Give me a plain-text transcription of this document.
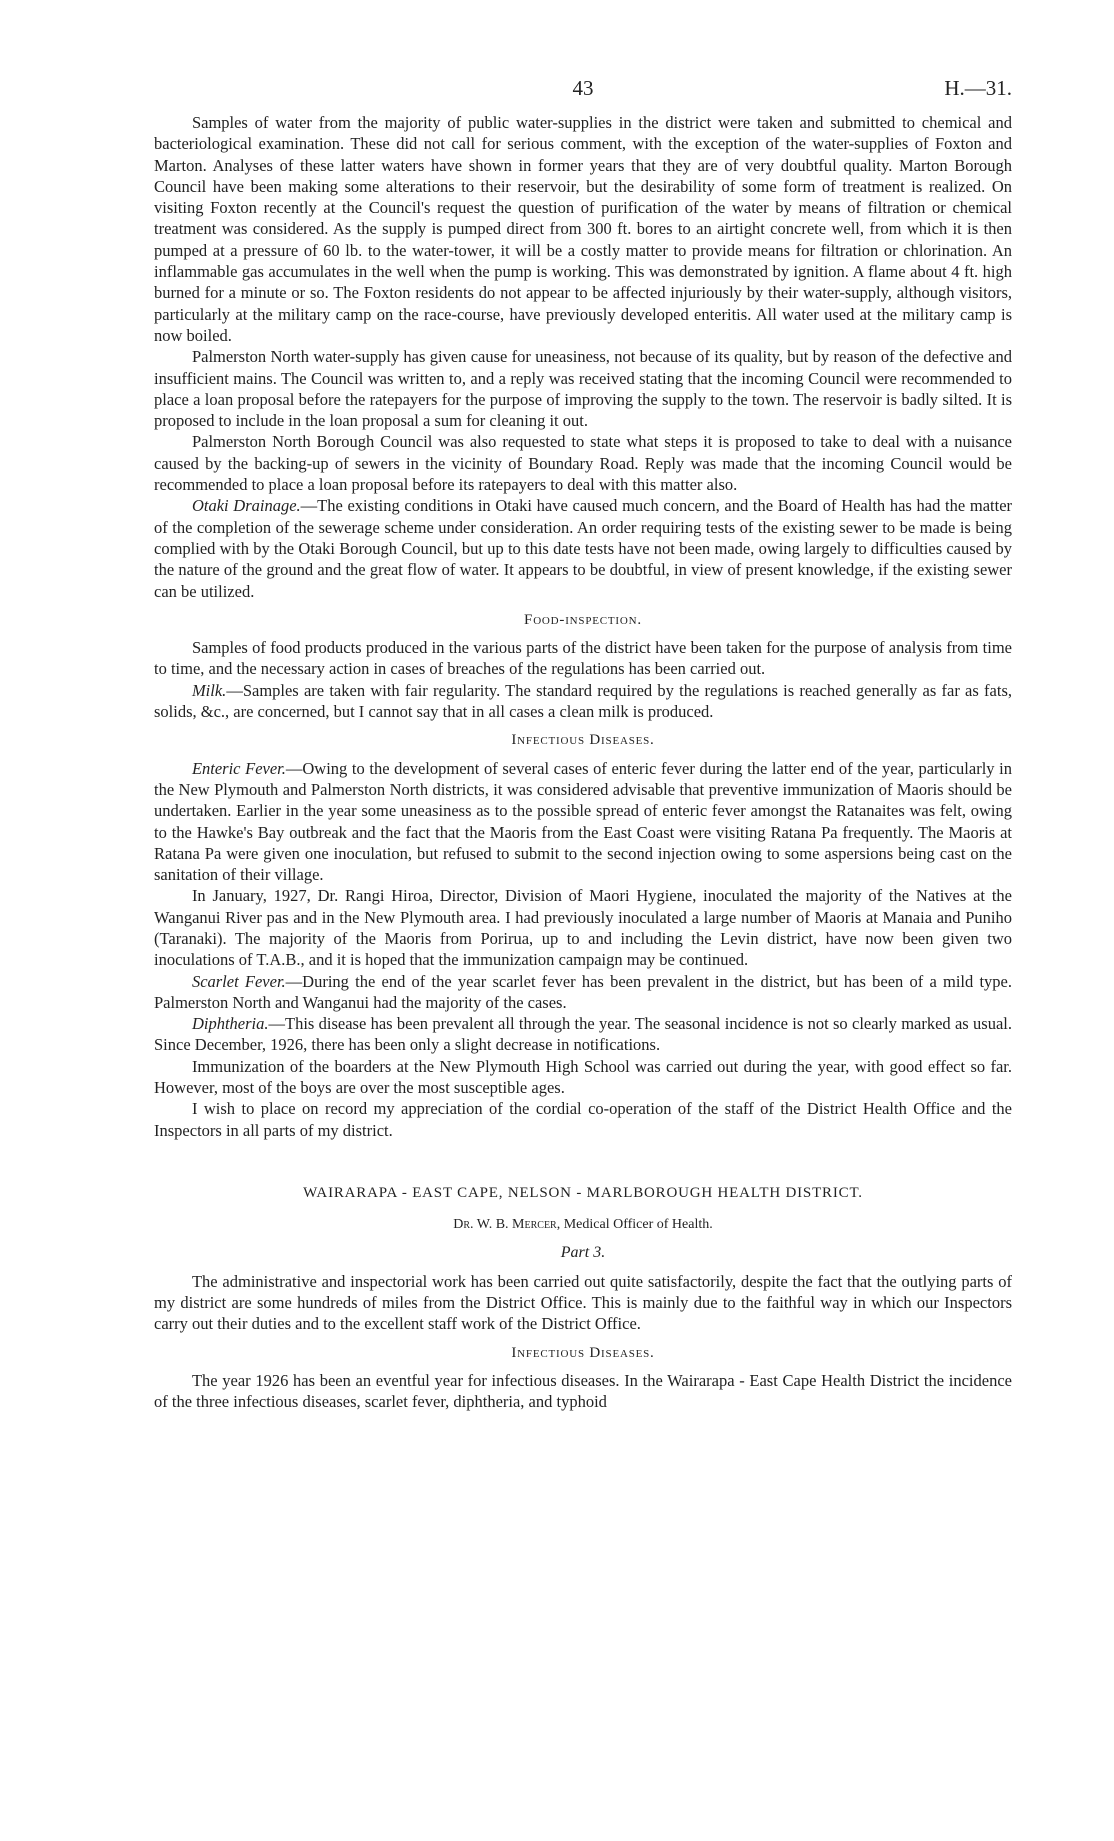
43	H.—31.

Samples of water from the majority of public water-supplies in the district were taken and submitted to chemical and bacteriological examination. These did not call for serious comment, with the exception of the water-supplies of Foxton and Marton. Analyses of these latter waters have shown in former years that they are of very doubtful quality. Marton Borough Council have been making some alterations to their reservoir, but the desirability of some form of treatment is realized. On visiting Foxton recently at the Council's request the question of purification of the water by means of filtration or chemical treatment was considered. As the supply is pumped direct from 300 ft. bores to an airtight concrete well, from which it is then pumped at a pressure of 60 lb. to the water-tower, it will be a costly matter to provide means for filtration or chlorination. An inflammable gas accumulates in the well when the pump is working. This was demonstrated by ignition. A flame about 4 ft. high burned for a minute or so. The Foxton residents do not appear to be affected injuriously by their water-supply, although visitors, particularly at the military camp on the race-course, have previously developed enteritis. All water used at the military camp is now boiled.

Palmerston North water-supply has given cause for uneasiness, not because of its quality, but by reason of the defective and insufficient mains. The Council was written to, and a reply was received stating that the incoming Council were recommended to place a loan proposal before the ratepayers for the purpose of improving the supply to the town. The reservoir is badly silted. It is proposed to include in the loan proposal a sum for cleaning it out.

Palmerston North Borough Council was also requested to state what steps it is proposed to take to deal with a nuisance caused by the backing-up of sewers in the vicinity of Boundary Road. Reply was made that the incoming Council would be recommended to place a loan proposal before its ratepayers to deal with this matter also.

Otaki Drainage.—The existing conditions in Otaki have caused much concern, and the Board of Health has had the matter of the completion of the sewerage scheme under consideration. An order requiring tests of the existing sewer to be made is being complied with by the Otaki Borough Council, but up to this date tests have not been made, owing largely to difficulties caused by the nature of the ground and the great flow of water. It appears to be doubtful, in view of present knowledge, if the existing sewer can be utilized.

Food-inspection.

Samples of food products produced in the various parts of the district have been taken for the purpose of analysis from time to time, and the necessary action in cases of breaches of the regulations has been carried out.

Milk.—Samples are taken with fair regularity. The standard required by the regulations is reached generally as far as fats, solids, &c., are concerned, but I cannot say that in all cases a clean milk is produced.

Infectious Diseases.

Enteric Fever.—Owing to the development of several cases of enteric fever during the latter end of the year, particularly in the New Plymouth and Palmerston North districts, it was considered advisable that preventive immunization of Maoris should be undertaken. Earlier in the year some uneasiness as to the possible spread of enteric fever amongst the Ratanaites was felt, owing to the Hawke's Bay outbreak and the fact that the Maoris from the East Coast were visiting Ratana Pa frequently. The Maoris at Ratana Pa were given one inoculation, but refused to submit to the second injection owing to some aspersions being cast on the sanitation of their village.

In January, 1927, Dr. Rangi Hiroa, Director, Division of Maori Hygiene, inoculated the majority of the Natives at the Wanganui River pas and in the New Plymouth area. I had previously inoculated a large number of Maoris at Manaia and Puniho (Taranaki). The majority of the Maoris from Porirua, up to and including the Levin district, have now been given two inoculations of T.A.B., and it is hoped that the immunization campaign may be continued.

Scarlet Fever.—During the end of the year scarlet fever has been prevalent in the district, but has been of a mild type. Palmerston North and Wanganui had the majority of the cases.

Diphtheria.—This disease has been prevalent all through the year. The seasonal incidence is not so clearly marked as usual. Since December, 1926, there has been only a slight decrease in notifications.

Immunization of the boarders at the New Plymouth High School was carried out during the year, with good effect so far. However, most of the boys are over the most susceptible ages.

I wish to place on record my appreciation of the cordial co-operation of the staff of the District Health Office and the Inspectors in all parts of my district.

WAIRARAPA - EAST CAPE, NELSON - MARLBOROUGH HEALTH DISTRICT.
Dr. W. B. Mercer, Medical Officer of Health.
Part 3.

The administrative and inspectorial work has been carried out quite satisfactorily, despite the fact that the outlying parts of my district are some hundreds of miles from the District Office. This is mainly due to the faithful way in which our Inspectors carry out their duties and to the excellent staff work of the District Office.

Infectious Diseases.

The year 1926 has been an eventful year for infectious diseases. In the Wairarapa - East Cape Health District the incidence of the three infectious diseases, scarlet fever, diphtheria, and typhoid
